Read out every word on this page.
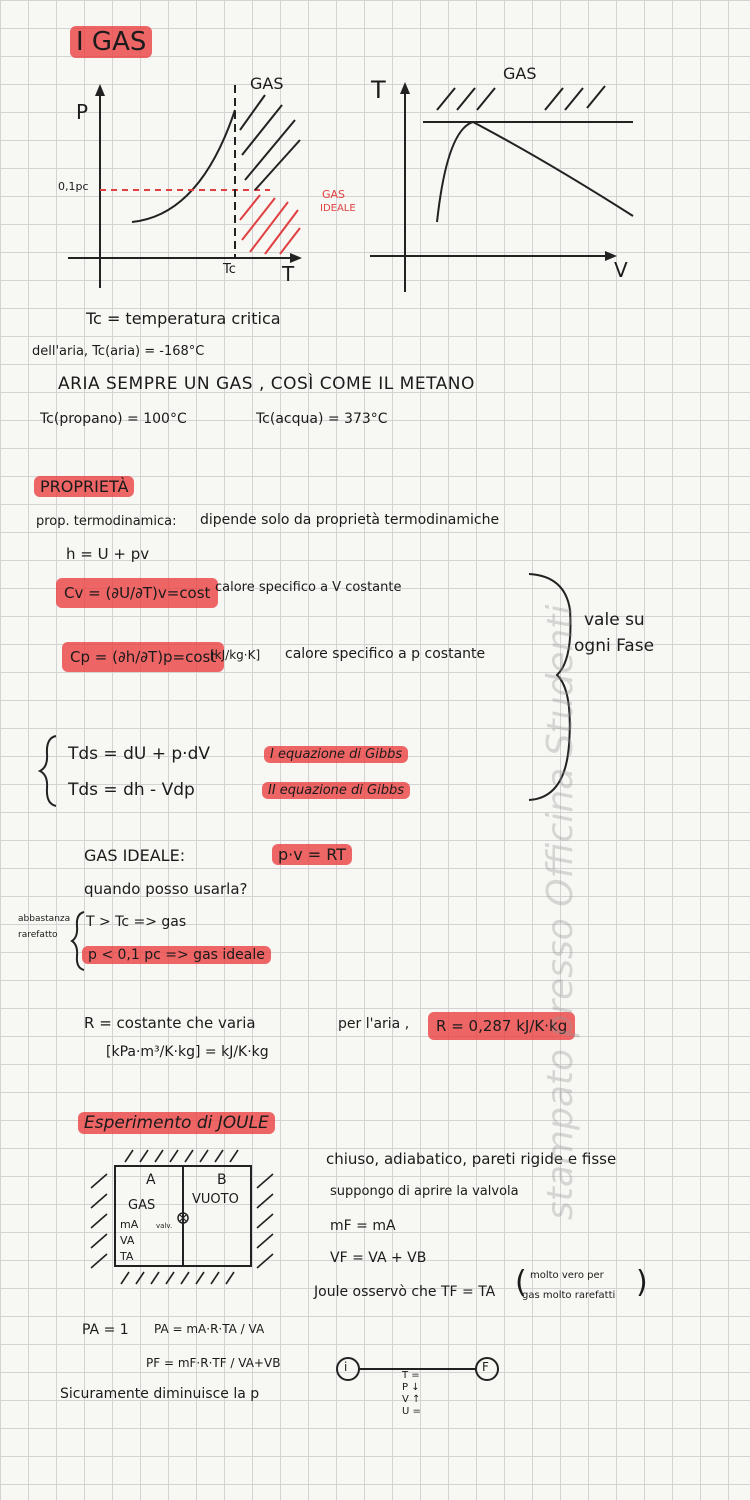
I GAS
P
T
0,1pc
Tc
GAS
GAS
IDEALE
T
V
GAS
Tc = temperatura critica
dell'aria, Tc(aria) = -168°C
ARIA SEMPRE UN GAS , COSÌ COME IL METANO
Tc(propano) = 100°C	Tc(acqua) = 373°C
PROPRIETÀ
prop. termodinamica: dipende solo da proprietà termodinamiche
h = U + pv
Cv = (∂U/∂T)v=cost calore specifico a V costante
Cp = (∂h/∂T)p=cost
[kJ/kg·K] calore specifico a p costante
vale su
ogni Fase
Tds = dU + p·dV	I equazione di Gibbs
Tds = dh - Vdp	II equazione di Gibbs
GAS IDEALE:	p·v = RT
quando posso usarla?
abbastanza
rarefatto
T > Tc => gas
p < 0,1 pc => gas ideale
R = costante che varia
[kPa·m³/K·kg] = kJ/K·kg
per l'aria ,	R = 0,287 kJ/K·kg
Esperimento di JOULE
A	B
GAS	VUOTO
mA
VA
TA
valv.
chiuso, adiabatico, pareti rigide e fisse
suppongo di aprire la valvola
mF = mA
VF = VA + VB
Joule osservò che TF = TA
molto vero per
gas molto rarefatti
(	)
PA = 1 PA = mA·R·TA / VA
PF = mF·R·TF / VA+VB
Sicuramente diminuisce la p
i	F
T =
P ↓
V ↑
U =
stampato presso Officina Studenti
